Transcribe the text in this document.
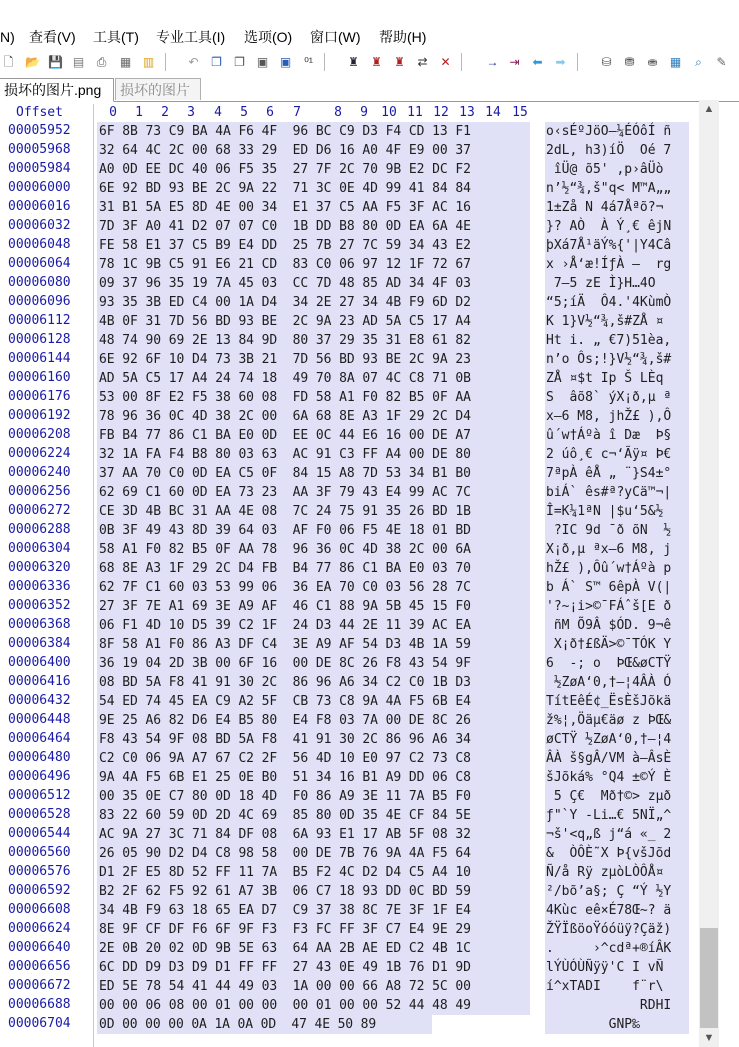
N) 查看(V) 工具(T) 专业工具(I) 选项(O) 窗口(W) 帮助(H)
🗋 📂 💾 ▤	⎙	▦ ▥	↶ ❐ ❐ ▣ ▣	⁰¹	♜ ♜ ♜ ⇄ ✕	→ ⇥ ⬅ ➡	⛁ ⛃ ⛂ ▦	⌕	✎
损坏的图片.png	损坏的图片
Offset	0	1	2	3	4	5	6	7	8	9	10 11 12 13 14 15
00005952 6F 8B 73 C9 BA 4A F6 4F  96 BC C9 D3 F4 CD 13 F1	o‹sÉºJöO–¼ÉÓôÍ ñ
00005968 32 64 4C 2C 00 68 33 29  ED D6 16 A0 4F E9 00 37	2dL, h3)íÖ  Oé 7
00005984 A0 0D EE DC 40 06 F5 35  27 7F 2C 70 9B E2 DC F2	îÜ@ õ5' ,p›âÜò
00006000 6E 92 BD 93 BE 2C 9A 22  71 3C 0E 4D 99 41 84 84	n’½“¾,š"q< M™A„„
00006016 31 B1 5A E5 8D 4E 00 34  E1 37 C5 AA F5 3F AC 16	1±Zå N 4á7Åªõ?¬
00006032 7D 3F A0 41 D2 07 07 C0  1B DD B8 80 0D EA 6A 4E	}? AÒ  À Ý¸€ êjN
00006048 FE 58 E1 37 C5 B9 E4 DD  25 7B 27 7C 59 34 43 E2	þXá7Å¹äÝ%{'|Y4Câ
00006064 78 1C 9B C5 91 E6 21 CD  83 C0 06 97 12 1F 72 67	x ›Å‘æ!ÍƒÀ —  rg
00006080 09 37 96 35 19 7A 45 03  CC 7D 48 85 AD 34 4F 03	7–5 zE Ì}H…4O
00006096 93 35 3B ED C4 00 1A D4  34 2E 27 34 4B F9 6D D2	“5;íÄ  Ô4.'4KùmÒ
00006112 4B 0F 31 7D 56 BD 93 BE  2C 9A 23 AD 5A C5 17 A4	K 1}V½“¾,š#ZÅ ¤
00006128 48 74 90 69 2E 13 84 9D  80 37 29 35 31 E8 61 82	Ht i. „ €7)51èa‚
00006144 6E 92 6F 10 D4 73 3B 21  7D 56 BD 93 BE 2C 9A 23	n’o Ôs;!}V½“¾,š#
00006160 AD 5A C5 17 A4 24 74 18  49 70 8A 07 4C C8 71 0B	ZÅ ¤$t Ip Š LÈq
00006176 53 00 8F E2 F5 38 60 08  FD 58 A1 F0 82 B5 0F AA	S  âõ8` ýX¡ð‚µ ª
00006192 78 96 36 0C 4D 38 2C 00  6A 68 8E A3 1F 29 2C D4	x–6 M8, jhŽ£ ),Ô
00006208 FB B4 77 86 C1 BA E0 0D  EE 0C 44 E6 16 00 DE A7	û´w†Áºà î Dæ  Þ§
00006224 32 1A FA F4 B8 80 03 63  AC 91 C3 FF A4 00 DE 80	2 úô¸€ c¬‘Ãÿ¤ Þ€
00006240 37 AA 70 C0 0D EA C5 0F  84 15 A8 7D 53 34 B1 B0	7ªpÀ êÅ „ ¨}S4±°
00006256 62 69 C1 60 0D EA 73 23  AA 3F 79 43 E4 99 AC 7C	biÁ` ês#ª?yCä™¬|
00006272 CE 3D 4B BC 31 AA 4E 08  7C 24 75 91 35 26 BD 1B	Î=K¼1ªN |$u‘5&½
00006288 0B 3F 49 43 8D 39 64 03  AF F0 06 F5 4E 18 01 BD	?IC 9d ¯ð õN  ½
00006304 58 A1 F0 82 B5 0F AA 78  96 36 0C 4D 38 2C 00 6A	X¡ð‚µ ªx–6 M8, j
00006320 68 8E A3 1F 29 2C D4 FB  B4 77 86 C1 BA E0 03 70	hŽ£ ),Ôû´w†Áºà p
00006336 62 7F C1 60 03 53 99 06  36 EA 70 C0 03 56 28 7C	b Á` S™ 6êpÀ V(|
00006352 27 3F 7E A1 69 3E A9 AF  46 C1 88 9A 5B 45 15 F0	'?~¡i>©¯FÁˆš[E ð
00006368 06 F1 4D 10 D5 39 C2 1F  24 D3 44 2E 11 39 AC EA	ñM Õ9Â $ÓD. 9¬ê
00006384 8F 58 A1 F0 86 A3 DF C4  3E A9 AF 54 D3 4B 1A 59	X¡ð†£ßÄ>©¯TÓK Y
00006400 36 19 04 2D 3B 00 6F 16  00 DE 8C 26 F8 43 54 9F	6  -; o  ÞŒ&øCTŸ
00006416 08 BD 5A F8 41 91 30 2C  86 96 A6 34 C2 C0 1B D3	½ZøA‘0,†–¦4ÂÀ Ó
00006432 54 ED 74 45 EA C9 A2 5F  CB 73 C8 9A 4A F5 6B E4	TítEêÉ¢_ËsÈšJõkä
00006448 9E 25 A6 82 D6 E4 B5 80  E4 F8 03 7A 00 DE 8C 26	ž%¦‚Öäµ€äø z ÞŒ&
00006464 F8 43 54 9F 08 BD 5A F8  41 91 30 2C 86 96 A6 34	øCTŸ ½ZøA‘0,†–¦4
00006480 C2 C0 06 9A A7 67 C2 2F  56 4D 10 E0 97 C2 73 C8	ÂÀ š§gÂ/VM à—ÂsÈ
00006496 9A 4A F5 6B E1 25 0E B0  51 34 16 B1 A9 DD 06 C8	šJõká% °Q4 ±©Ý È
00006512 00 35 0E C7 80 0D 18 4D  F0 86 A9 3E 11 7A B5 F0	5 Ç€  Mð†©> zµð
00006528 83 22 60 59 0D 2D 4C 69  85 80 0D 35 4E CF 84 5E	ƒ"`Y -Li…€ 5NÏ„^
00006544 AC 9A 27 3C 71 84 DF 08  6A 93 E1 17 AB 5F 08 32	¬š'<q„ß j“á «_ 2
00006560 26 05 90 D2 D4 C8 98 58  00 DE 7B 76 9A 4A F5 64	&  ÒÔÈ˜X Þ{všJõd
00006576 D1 2F E5 8D 52 FF 11 7A  B5 F2 4C D2 D4 C5 A4 10	Ñ/å Rÿ zµòLÒÔÅ¤
00006592 B2 2F 62 F5 92 61 A7 3B  06 C7 18 93 DD 0C BD 59	²/bõ’a§; Ç “Ý ½Y
00006608 34 4B F9 63 18 65 EA D7  C9 37 38 8C 7E 3F 1F E4	4Kùc eê×É78Œ~? ä
00006624 8E 9F CF DF F6 6F 9F F3  F3 FC FF 3F C7 E4 9E 29	ŽŸÏßöoŸóóüÿ?Çäž)
00006640 2E 0B 20 02 0D 9B 5E 63  64 AA 2B AE ED C2 4B 1C	.     ›^cdª+®íÂK
00006656 6C DD D9 D3 D9 D1 FF FF  27 43 0E 49 1B 76 D1 9D	lÝÙÓÙÑÿÿ'C I vÑ
00006672 ED 5E 78 54 41 44 49 03  1A 00 00 66 A8 72 5C 00	í^xTADI    f¨r\
00006688 00 00 06 08 00 01 00 00  00 01 00 00 52 44 48 49	RDHI
00006704 0D 00 00 00 0A 1A 0A 0D  47 4E 50 89	GNP‰
▲
▼
